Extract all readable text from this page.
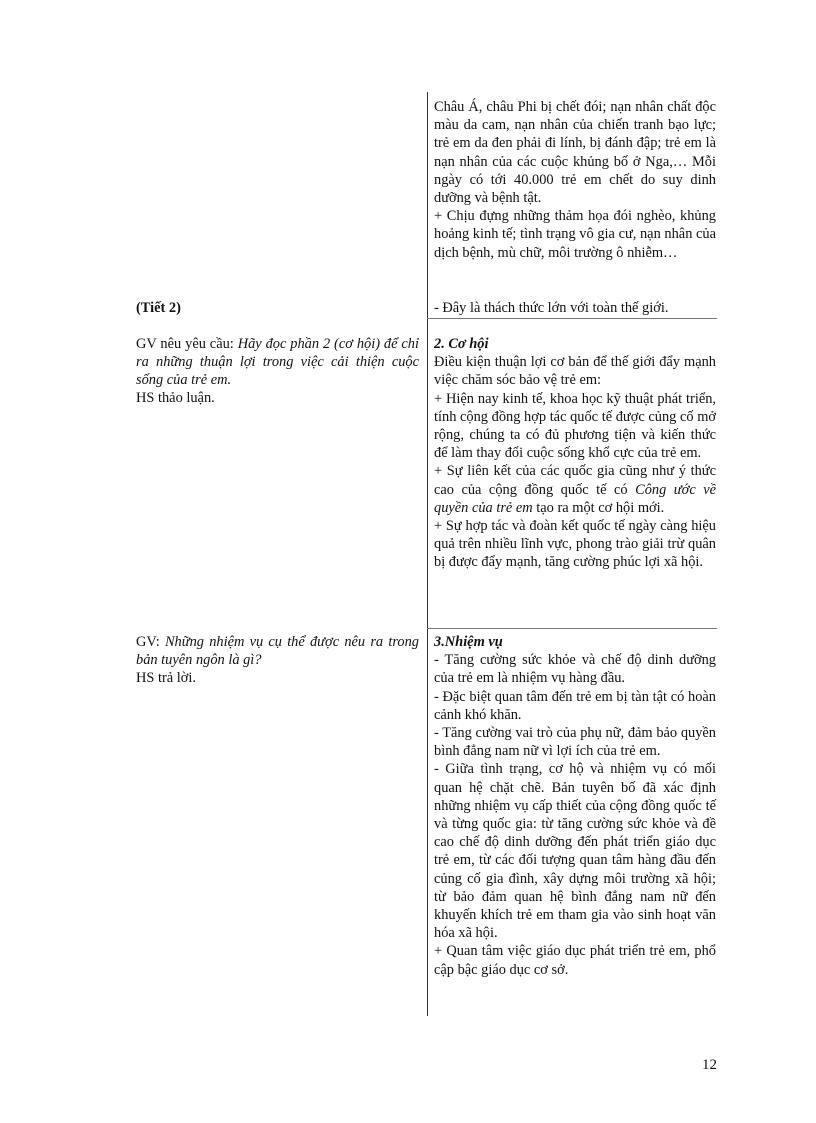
(Tiết 2)

GV nêu yêu cầu: Hãy đọc phần 2 (cơ hội) để chỉ ra những thuận lợi trong việc cải thiện cuộc sống của trẻ em.

HS thảo luận.

GV: Những nhiệm vụ cụ thể được nêu ra trong bản tuyên ngôn là gì?

HS trả lời.

Châu Á, châu Phi bị chết đói; nạn nhân chất độc màu da cam, nạn nhân của chiến tranh bạo lực; trẻ em da đen phải đi lính, bị đánh đập; trẻ em là nạn nhân của các cuộc khủng bố ở Nga,… Mỗi ngày có tới 40.000 trẻ em chết do suy dinh dưỡng và bệnh tật.

+ Chịu đựng những thảm họa đói nghèo, khủng hoảng kinh tế; tình trạng vô gia cư, nạn nhân của dịch bệnh, mù chữ, môi trường ô nhiễm…

- Đây là thách thức lớn với toàn thế giới.

2. Cơ hội

Điều kiện thuận lợi cơ bản để thế giới đẩy mạnh việc chăm sóc bảo vệ trẻ em:

+ Hiện nay kinh tế, khoa học kỹ thuật phát triển, tính cộng đồng hợp tác quốc tế được củng cố mở rộng, chúng ta có đủ phương tiện và kiến thức để làm thay đổi cuộc sống khổ cực của trẻ em.

+ Sự liên kết của các quốc gia cũng như ý thức cao của cộng đồng quốc tế có Công ước về quyền của trẻ em tạo ra một cơ hội mới.

+ Sự hợp tác và đoàn kết quốc tế ngày càng hiệu quả trên nhiều lĩnh vực, phong trào giải trừ quân bị được đẩy mạnh, tăng cường phúc lợi xã hội.

3.Nhiệm vụ

- Tăng cường sức khỏe và chế độ dinh dưỡng của trẻ em là nhiệm vụ hàng đầu.

- Đặc biệt quan tâm đến trẻ em bị tàn tật có hoàn cảnh khó khăn.

- Tăng cường vai trò của phụ nữ, đảm bảo quyền bình đẳng nam nữ vì lợi ích của trẻ em.

- Giữa tình trạng, cơ hộ và nhiệm vụ có mối quan hệ chặt chẽ. Bản tuyên bố đã xác định những nhiệm vụ cấp thiết của cộng đồng quốc tế và từng quốc gia: từ tăng cường sức khỏe và đề cao chế độ dinh dưỡng đến phát triển giáo dục trẻ em, từ các đối tượng quan tâm hàng đầu đến củng cố gia đình, xây dựng môi trường xã hội; từ bảo đảm quan hệ bình đẳng nam nữ đến khuyến khích trẻ em tham gia vào sinh hoạt văn hóa xã hội.

+ Quan tâm việc giáo dục phát triển trẻ em, phổ cập bậc giáo dục cơ sở.

12
